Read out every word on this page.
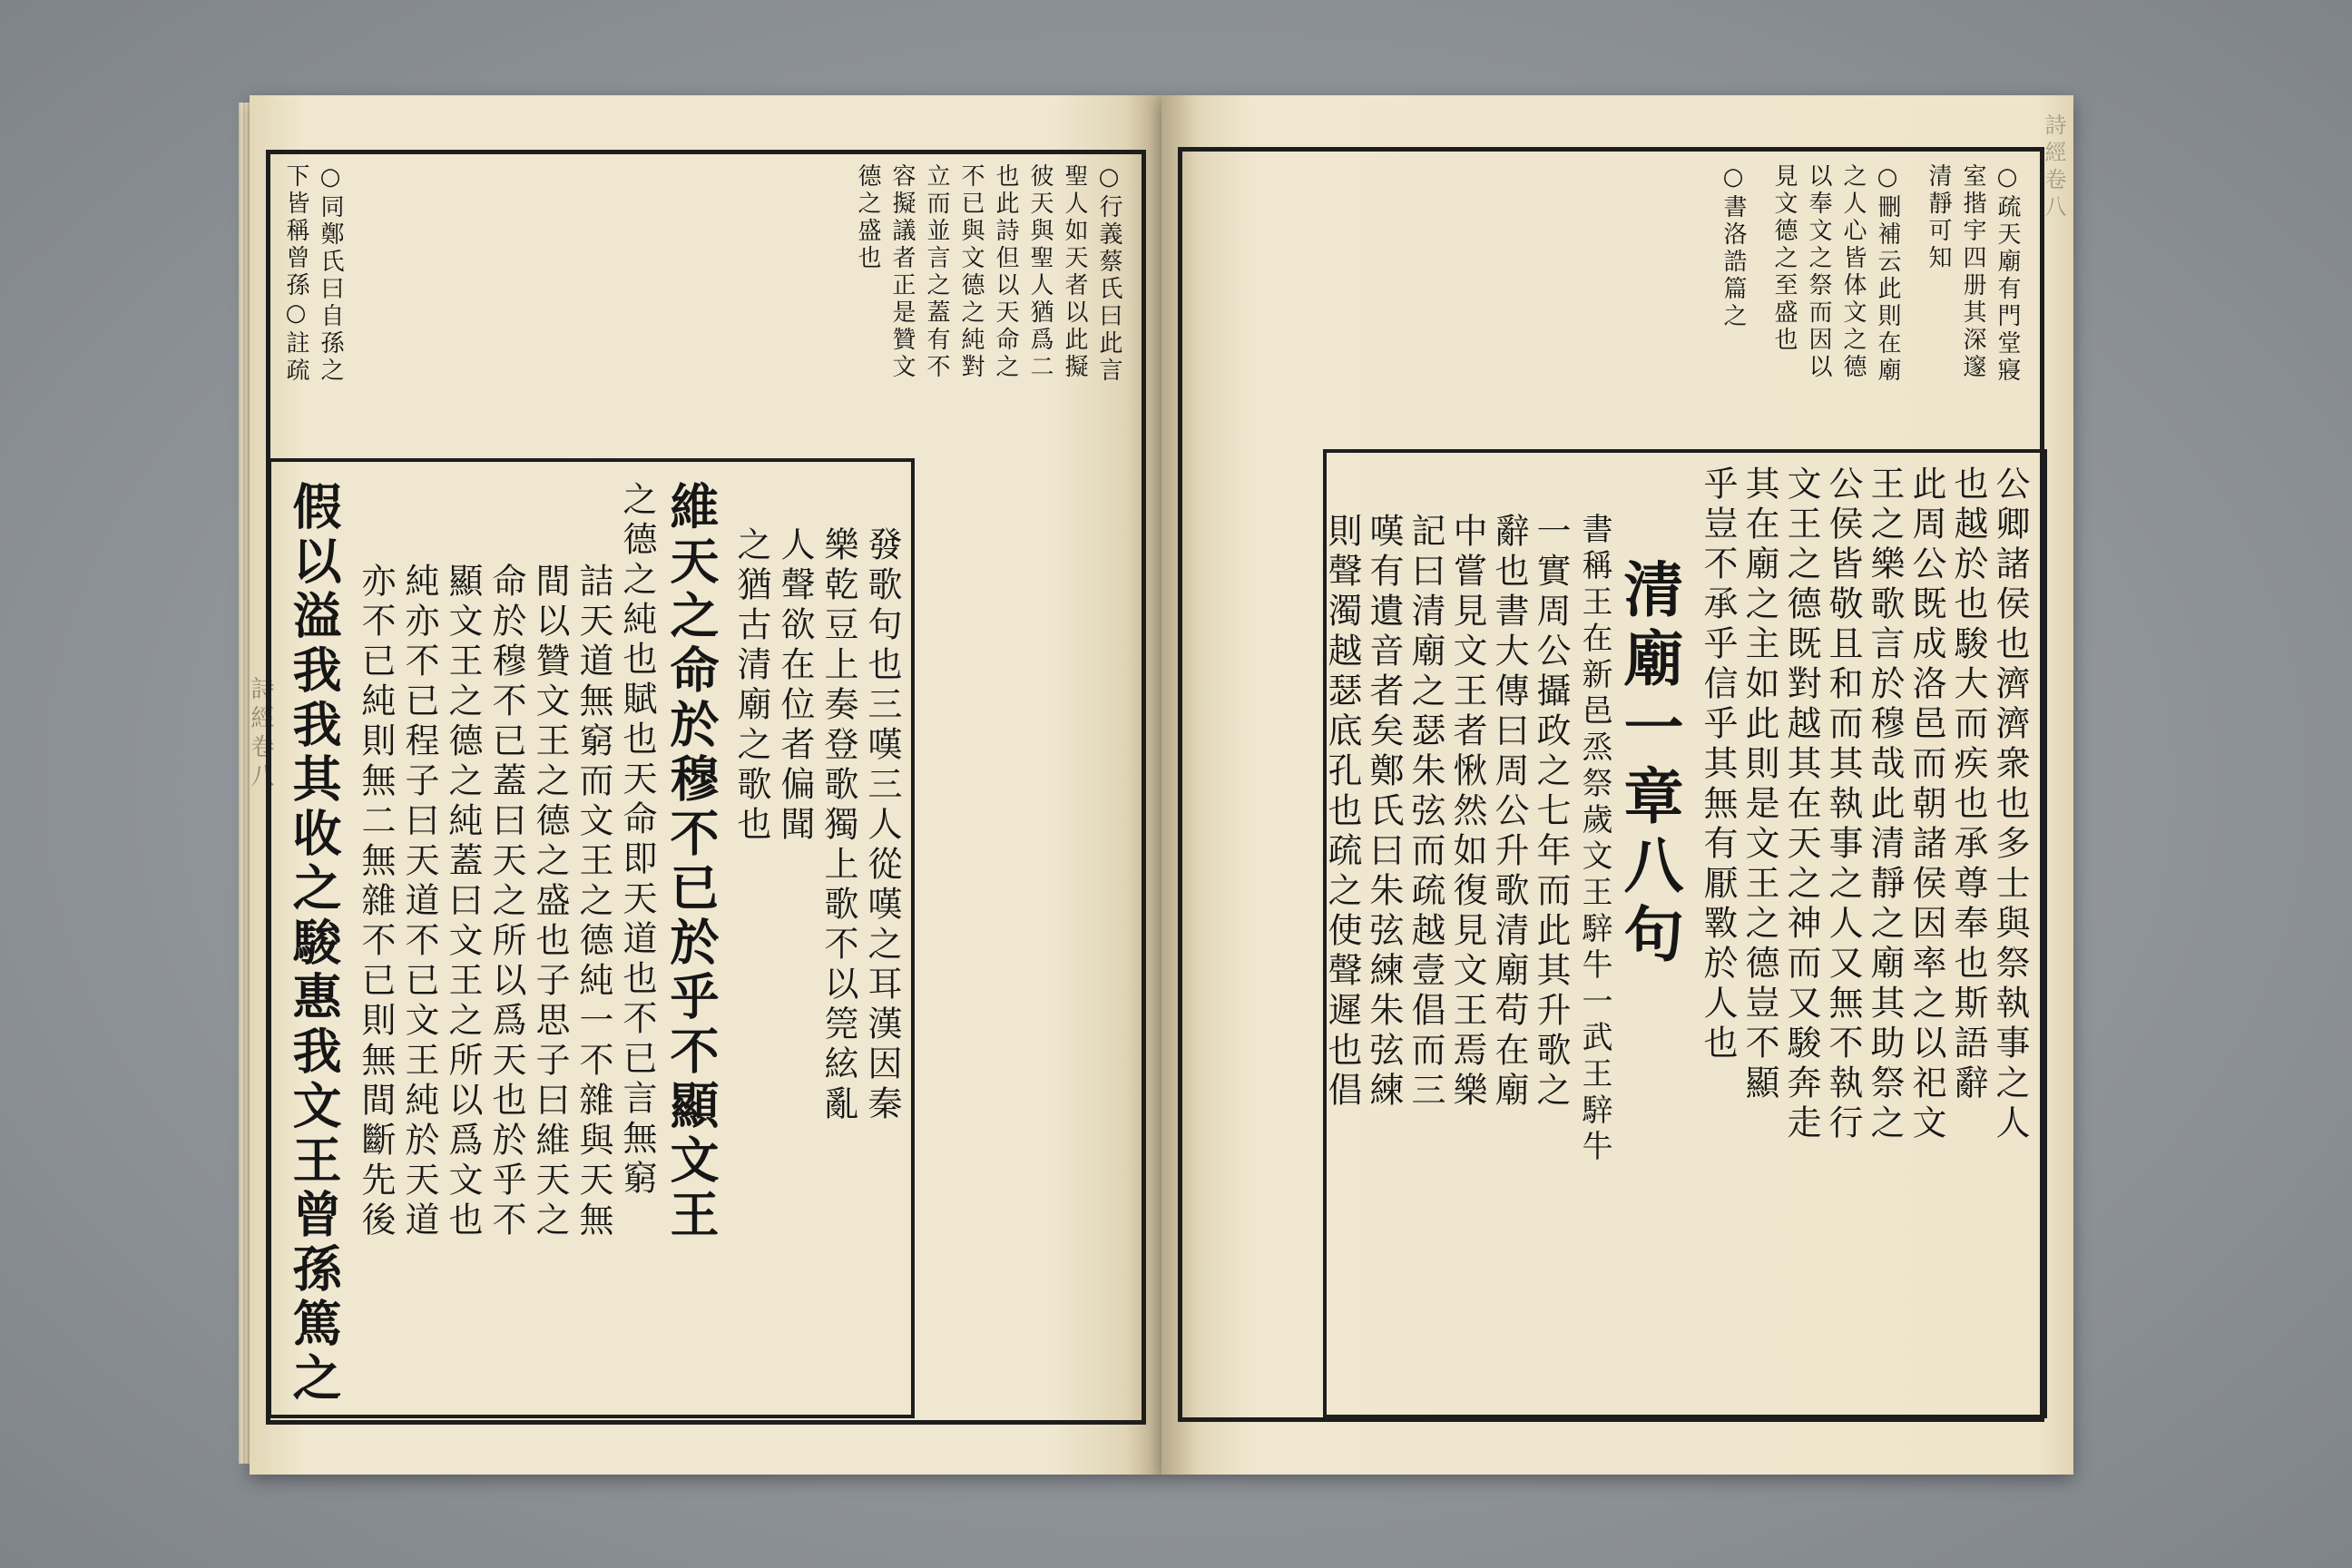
○行義蔡氏曰此言
聖人如天者以此擬
彼天與聖人猶爲二
也此詩但以天命之
不已與文德之純對
立而並言之蓋有不
容擬議者正是贊文
德之盛也
○同鄭氏曰自孫之
下皆稱曾孫○註疏
發歌句也三嘆三人從嘆之耳漢因秦
樂乾豆上奏登歌獨上歌不以筦絃亂
人聲欲在位者偏聞
之猶古清廟之歌也
維天之命於穆不已於乎不顯文王
之德之純也賦也天命即天道也不已言無窮
詰天道無窮而文王之德純一不雜與天無
間以贊文王之德之盛也子思子曰維天之
命於穆不已蓋曰天之所以爲天也於乎不
顯文王之德之純蓋曰文王之所以爲文也
純亦不已程子曰天道不已文王純於天道
亦不已純則無二無雜不已則無間斷先後
假以溢我我其收之駿惠我文王曾孫篤之
詩經卷八
○疏天廟有門堂寢
室揩宇四册其深邃
清靜可知
○刪補云此則在廟
之人心皆体文之德
以奉文之祭而因以
見文德之至盛也
○書洛誥篇之
公卿諸侯也濟濟衆也多士與祭執事之人
也越於也駿大而疾也承尊奉也斯語辭
此周公既成洛邑而朝諸侯因率之以祀文
王之樂歌言於穆哉此清靜之廟其助祭之
公侯皆敬且和而其執事之人又無不執行
文王之德既對越其在天之神而又駿奔走
其在廟之主如此則是文王之德豈不顯
乎豈不承乎信乎其無有厭斁於人也
清廟一章八句
書稱王在新邑烝祭歲文王騂牛一武王騂牛
一實周公攝政之七年而此其升歌之
辭也書大傳曰周公升歌清廟苟在廟
中嘗見文王者愀然如復見文王焉樂
記曰清廟之瑟朱弦而疏越壹倡而三
嘆有遺音者矣鄭氏曰朱弦練朱弦練
則聲濁越瑟底孔也疏之使聲遲也倡
詩經卷八
